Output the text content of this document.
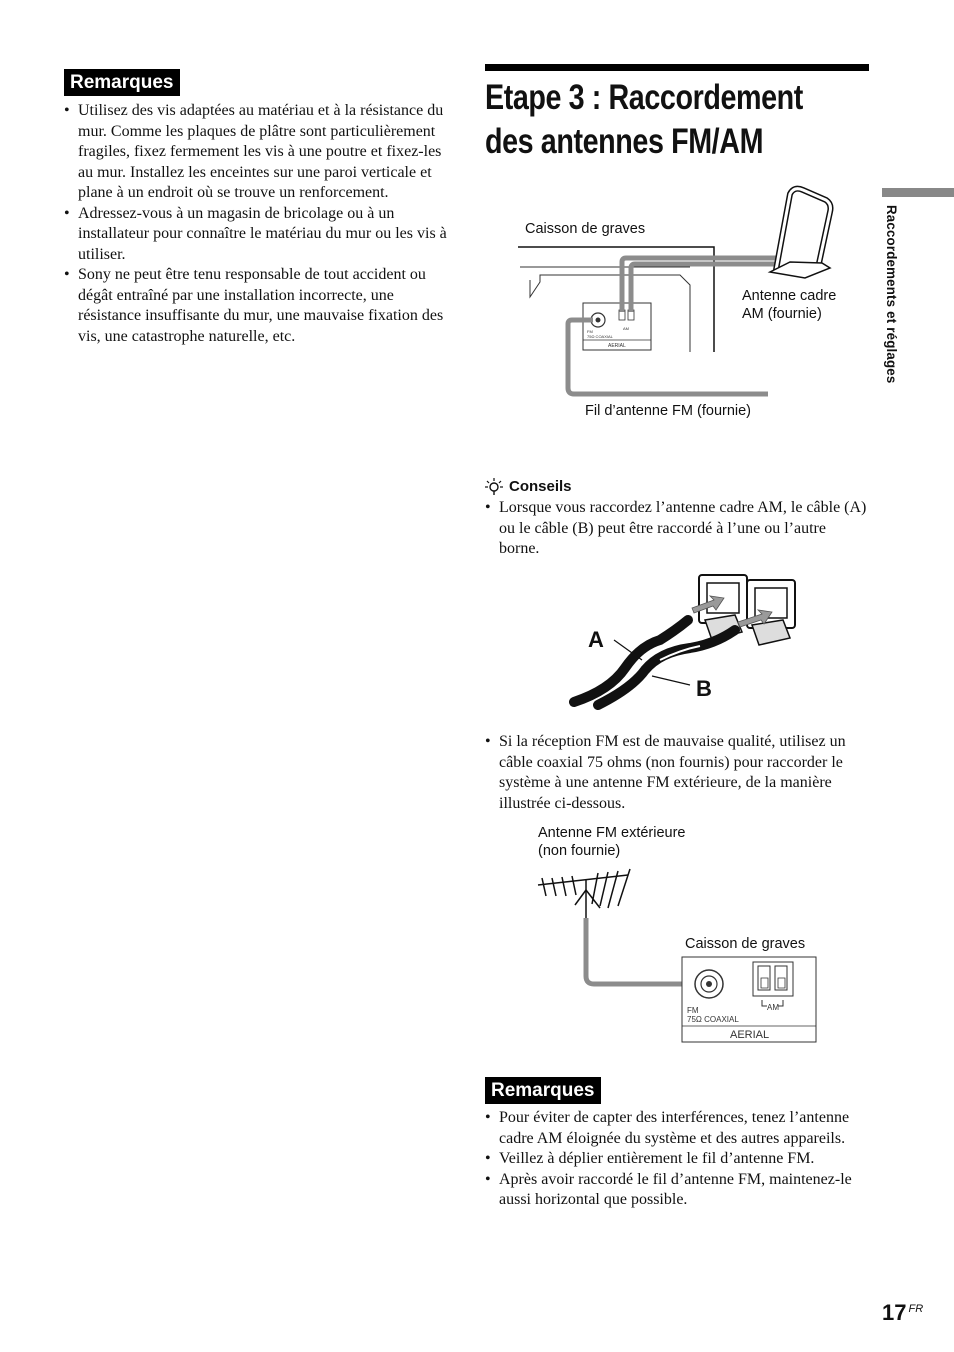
Remarques
• Utilisez des vis adaptées au matériau et à la résistance du mur. Comme les plaques de plâtre sont particulièrement fragiles, fixez fermement les vis à une poutre et fixez-les au mur. Installez les enceintes sur une paroi verticale et plane à un endroit où se trouve un renforcement.
• Adressez-vous à un magasin de bricolage ou à un installateur pour connaître le matériau du mur ou les vis à utiliser.
• Sony ne peut être tenu responsable de tout accident ou dégât entraîné par une installation incorrecte, une résistance insuffisante du mur, une mauvaise fixation des vis, une catastrophe naturelle, etc.
Etape 3 : Raccordement
des antennes FM/AM
Raccordements et réglages
Caisson de graves
Antenne cadre
AM (fournie)
Fil d’antenne FM (fournie)
FM
75Ω COAXIAL
AM
AERIAL
Conseils
• Lorsque vous raccordez l’antenne cadre AM, le câble (A) ou le câble (B) peut être raccordé à l’une ou l’autre borne.
A
B
• Si la réception FM est de mauvaise qualité, utilisez un câble coaxial 75 ohms (non fournis) pour raccorder le système à une antenne FM extérieure, de la manière illustrée ci-dessous.
Antenne FM extérieure
(non fournie)
Caisson de graves
FM
75Ω COAXIAL
AM
AERIAL
Remarques
• Pour éviter de capter des interférences, tenez l’antenne cadre AM éloignée du système et des autres appareils.
• Veillez à déplier entièrement le fil d’antenne FM.
• Après avoir raccordé le fil d’antenne FM, maintenez-le aussi horizontal que possible.
17 $^{FR}$
